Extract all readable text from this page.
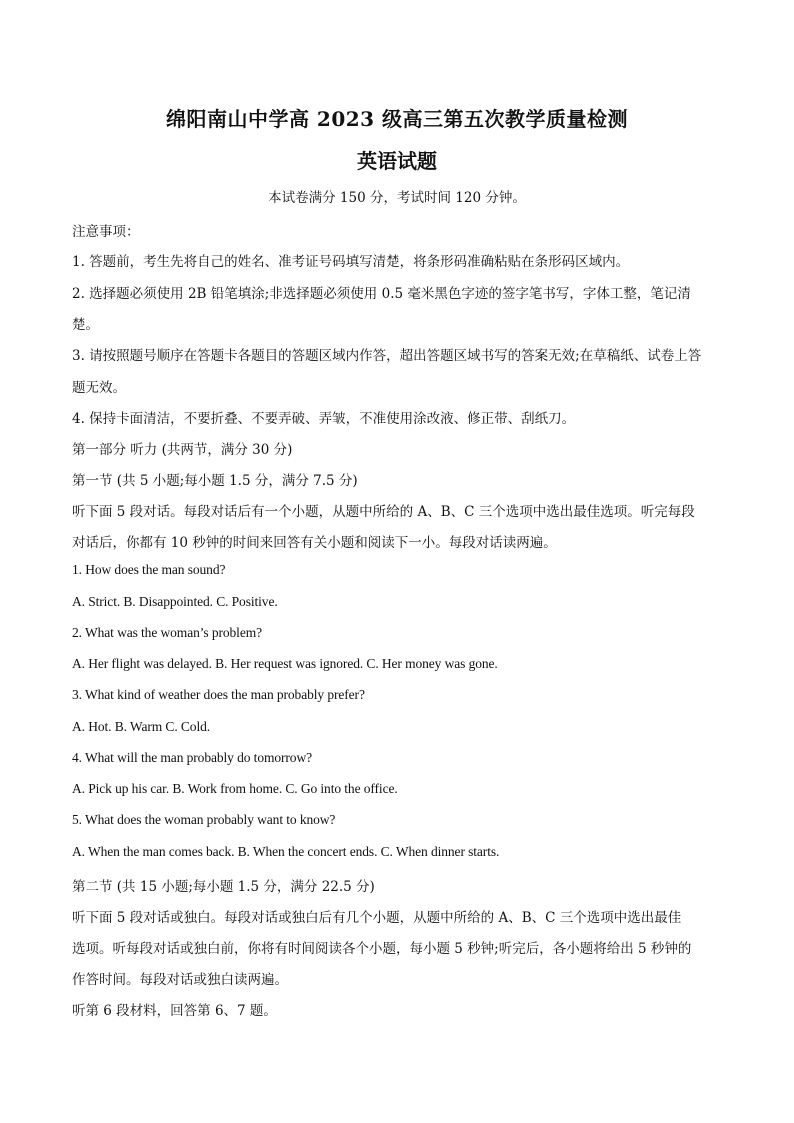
绵阳南山中学高 2023 级高三第五次教学质量检测
英语试题
本试卷满分 150 分，考试时间 120 分钟。
注意事项：
1. 答题前，考生先将自己的姓名、准考证号码填写清楚，将条形码准确粘贴在条形码区域内。
2. 选择题必须使用 2B 铅笔填涂;非选择题必须使用 0.5 毫米黑色字迹的签字笔书写，字体工整，笔记清
楚。
3. 请按照题号顺序在答题卡各题目的答题区域内作答，超出答题区域书写的答案无效;在草稿纸、试卷上答
题无效。
4. 保持卡面清洁，不要折叠、不要弄破、弄皱，不准使用涂改液、修正带、刮纸刀。
第一部分 听力 (共两节，满分 30 分)
第一节 (共 5 小题;每小题 1.5 分，满分 7.5 分)
听下面 5 段对话。每段对话后有一个小题，从题中所给的 A、B、C 三个选项中选出最佳选项。听完每段
对话后，你都有 10 秒钟的时间来回答有关小题和阅读下一小。每段对话读两遍。
1. How does the man sound?
A. Strict. B. Disappointed. C. Positive.
2. What was the woman’s problem?
A. Her flight was delayed. B. Her request was ignored. C. Her money was gone.
3. What kind of weather does the man probably prefer?
A. Hot. B. Warm C. Cold.
4. What will the man probably do tomorrow?
A. Pick up his car. B. Work from home. C. Go into the office.
5. What does the woman probably want to know?
A. When the man comes back. B. When the concert ends. C. When dinner starts.
第二节 (共 15 小题;每小题 1.5 分，满分 22.5 分)
听下面 5 段对话或独白。每段对话或独白后有几个小题，从题中所给的 A、B、C 三个选项中选出最佳
选项。听每段对话或独白前，你将有时间阅读各个小题，每小题 5 秒钟;听完后，各小题将给出 5 秒钟的
作答时间。每段对话或独白读两遍。
听第 6 段材料，回答第 6、7 题。
